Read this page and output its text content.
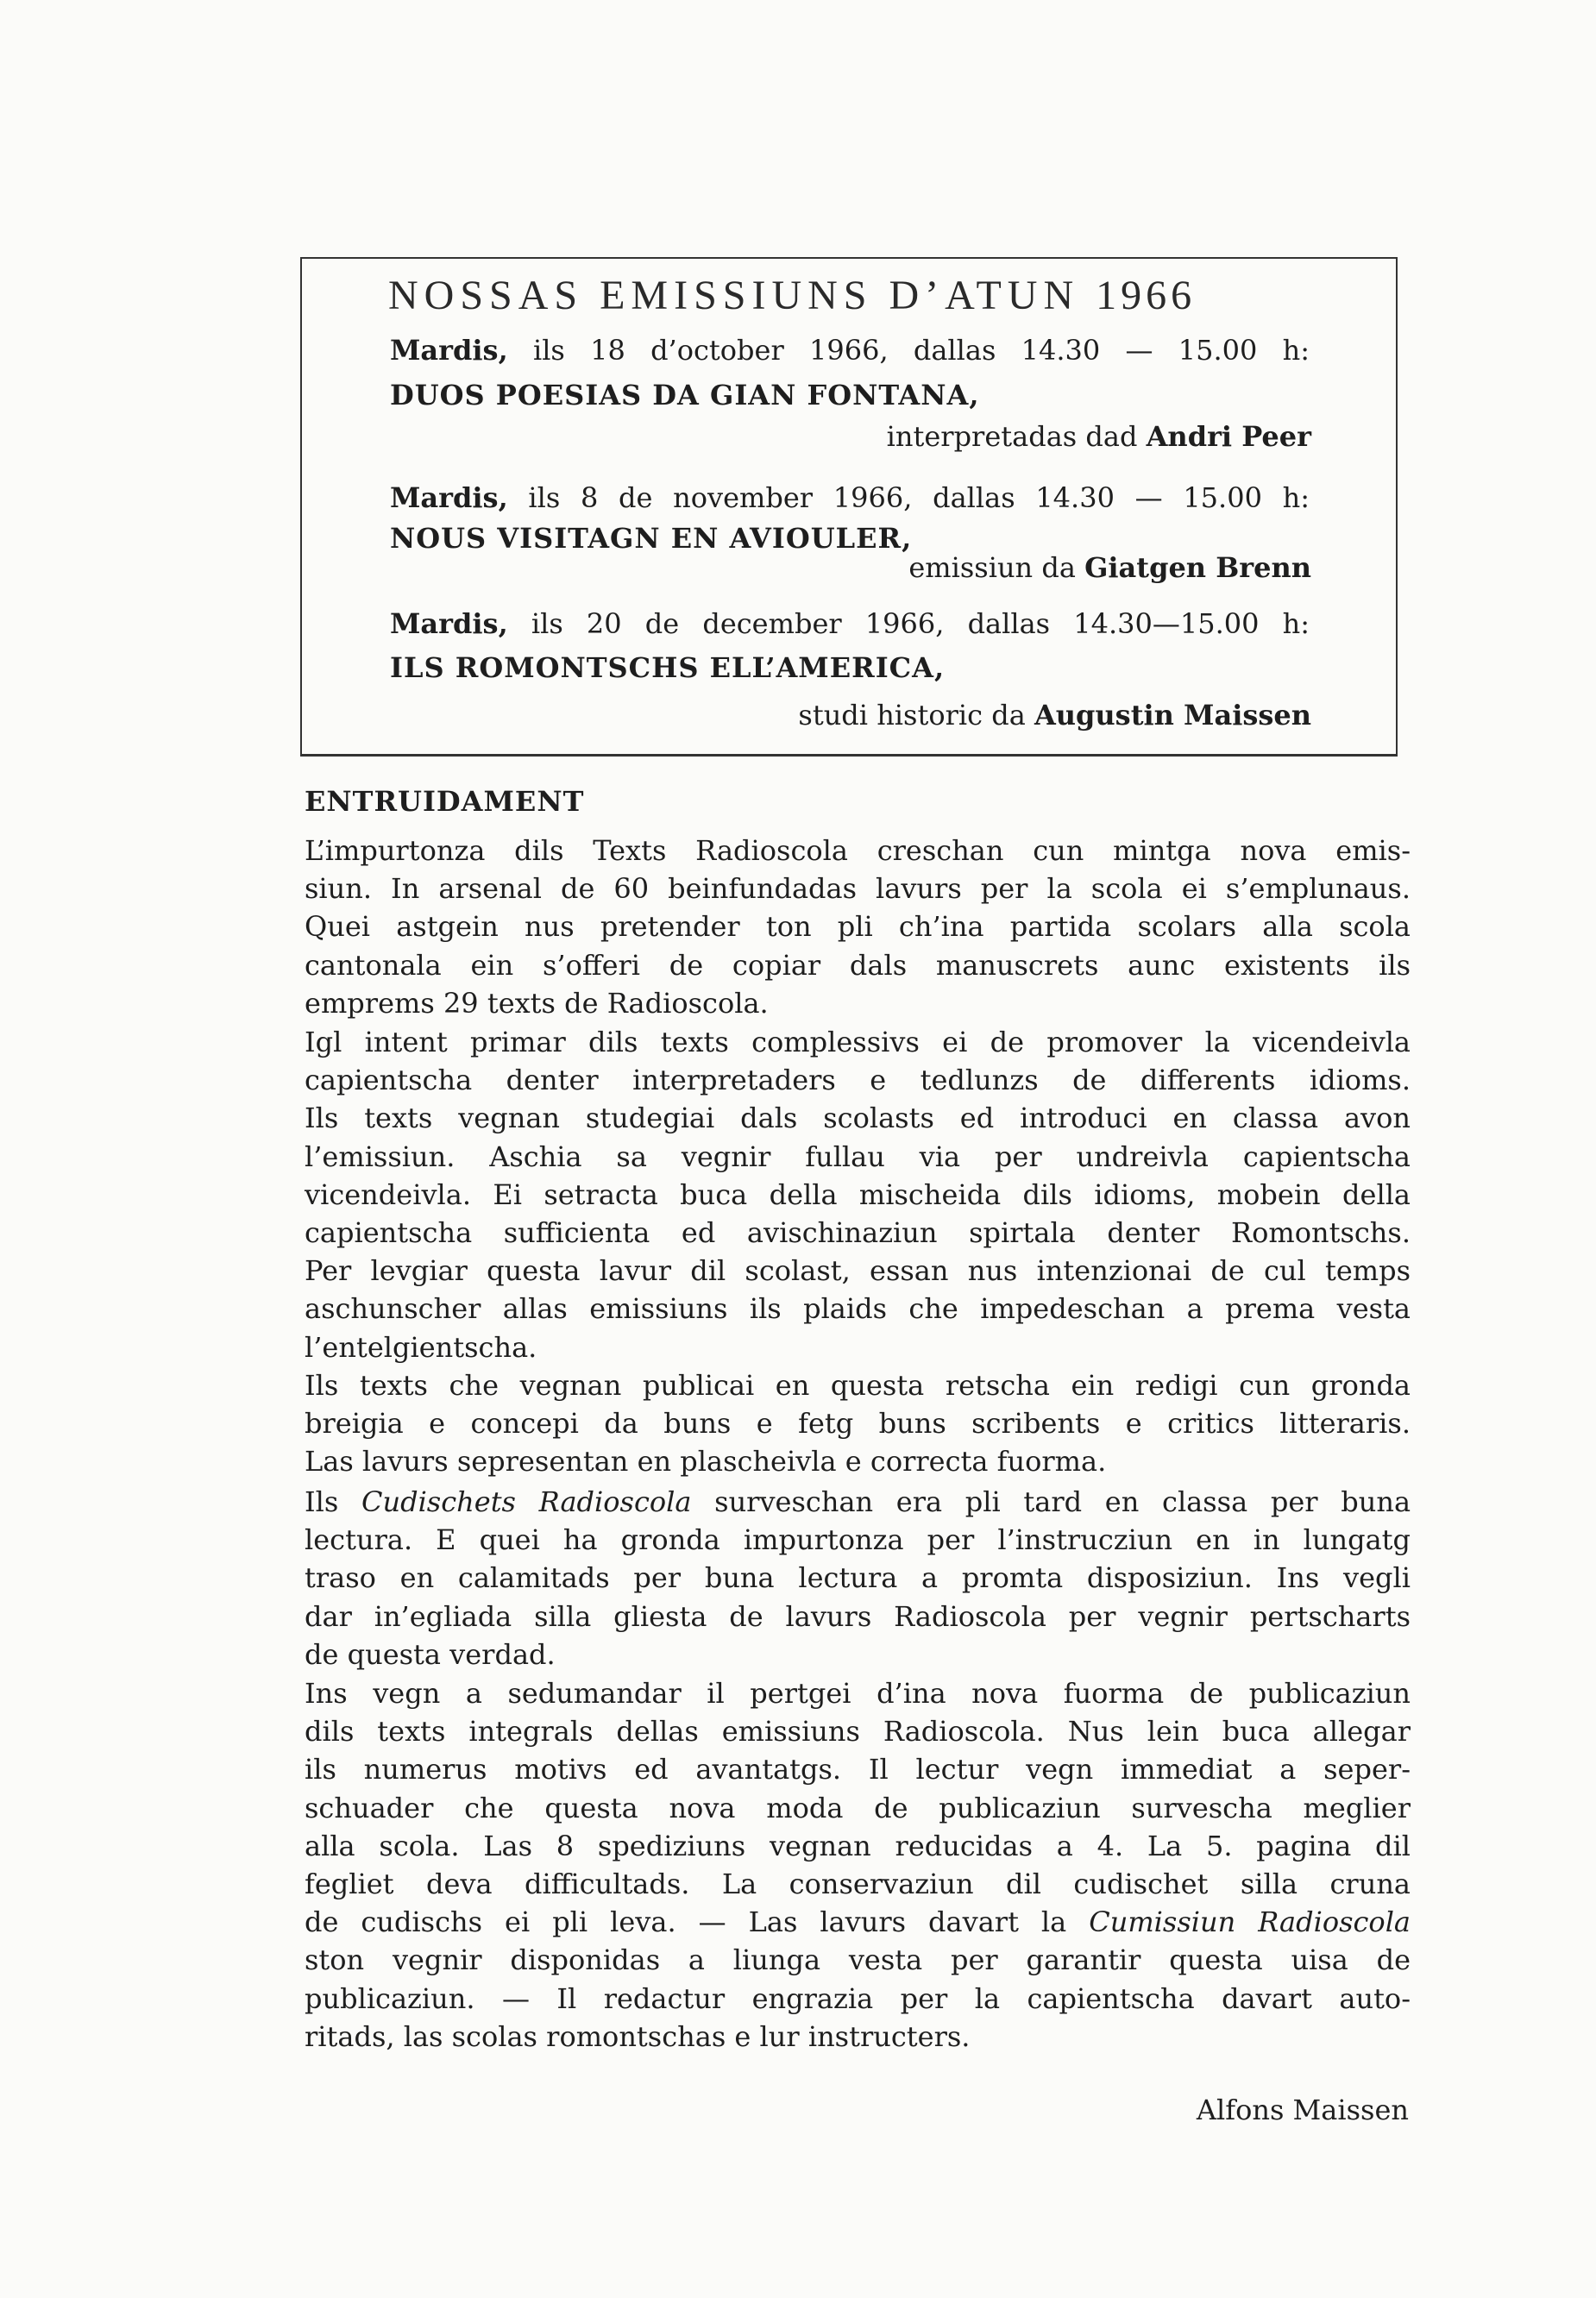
NOSSAS EMISSIUNS D’ATUN 1966
Mardis, ils 18 d’october 1966, dallas 14.30 — 15.00 h:
DUOS POESIAS DA GIAN FONTANA,
interpretadas dad Andri Peer
Mardis, ils 8 de november 1966, dallas 14.30 — 15.00 h:
NOUS VISITAGN EN AVIOULER,
emissiun da Giatgen Brenn
Mardis, ils 20 de december 1966, dallas 14.30—15.00 h:
ILS ROMONTSCHS ELL’AMERICA,
studi historic da Augustin Maissen
ENTRUIDAMENT
L’impurtonza dils Texts Radioscola creschan cun mintga nova emis-
siun. In arsenal de 60 beinfundadas lavurs per la scola ei s’emplunaus.
Quei astgein nus pretender ton pli ch’ina partida scolars alla scola
cantonala ein s’offeri de copiar dals manuscrets aunc existents ils
emprems 29 texts de Radioscola.
Igl intent primar dils texts complessivs ei de promover la vicendeivla
capientscha denter interpretaders e tedlunzs de differents idioms.
Ils texts vegnan studegiai dals scolasts ed introduci en classa avon
l’emissiun. Aschia sa vegnir fullau via per undreivla capientscha
vicendeivla. Ei setracta buca della mischeida dils idioms, mobein della
capientscha sufficienta ed avischinaziun spirtala denter Romontschs.
Per levgiar questa lavur dil scolast, essan nus intenzionai de cul temps
aschunscher allas emissiuns ils plaids che impedeschan a prema vesta
l’entelgientscha.
Ils texts che vegnan publicai en questa retscha ein redigi cun gronda
breigia e concepi da buns e fetg buns scribents e critics litteraris.
Las lavurs sepresentan en plascheivla e correcta fuorma.
Ils Cudischets Radioscola surveschan era pli tard en classa per buna
lectura. E quei ha gronda impurtonza per l’instrucziun en in lungatg
traso en calamitads per buna lectura a promta disposiziun. Ins vegli
dar in’egliada silla gliesta de lavurs Radioscola per vegnir pertscharts
de questa verdad.
Ins vegn a sedumandar il pertgei d’ina nova fuorma de publicaziun
dils texts integrals dellas emissiuns Radioscola. Nus lein buca allegar
ils numerus motivs ed avantatgs. Il lectur vegn immediat a seper-
schuader che questa nova moda de publicaziun survescha meglier
alla scola. Las 8 spediziuns vegnan reducidas a 4. La 5. pagina dil
fegliet deva difficultads. La conservaziun dil cudischet silla cruna
de cudischs ei pli leva. — Las lavurs davart la Cumissiun Radioscola
ston vegnir disponidas a liunga vesta per garantir questa uisa de
publicaziun. — Il redactur engrazia per la capientscha davart auto-
ritads, las scolas romontschas e lur instructers.
Alfons Maissen
